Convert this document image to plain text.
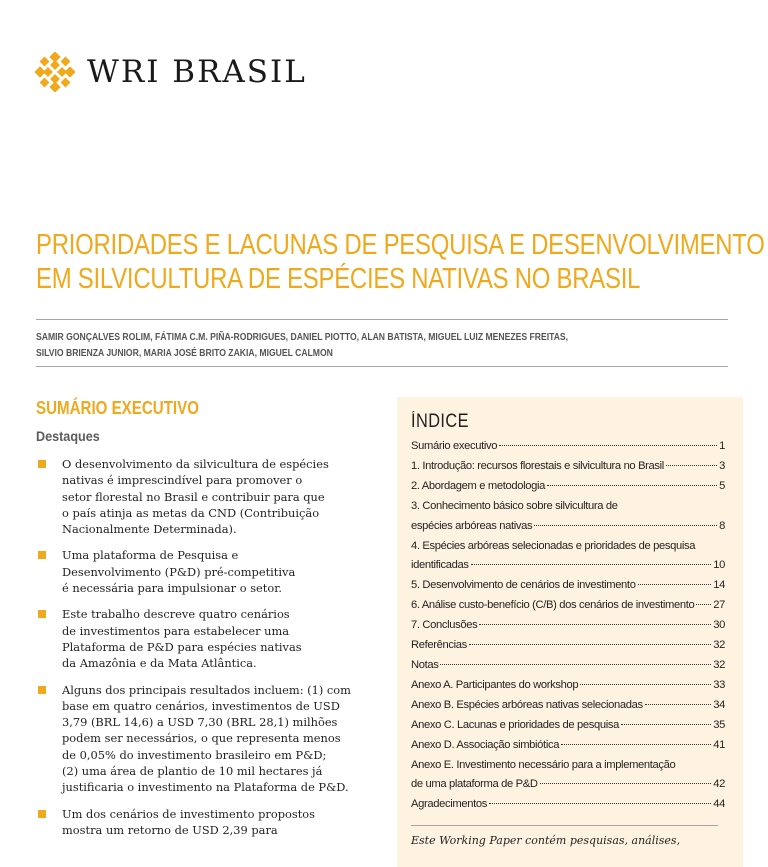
WRI BRASIL
PRIORIDADES E LACUNAS DE PESQUISA E DESENVOLVIMENTO
EM SILVICULTURA DE ESPÉCIES NATIVAS NO BRASIL
SAMIR GONÇALVES ROLIM, FÁTIMA C.M. PIÑA-RODRIGUES, DANIEL PIOTTO, ALAN BATISTA, MIGUEL LUIZ MENEZES FREITAS,
SILVIO BRIENZA JUNIOR, MARIA JOSÉ BRITO ZAKIA, MIGUEL CALMON
SUMÁRIO EXECUTIVO
Destaques
O desenvolvimento da silvicultura de espécies
nativas é imprescindível para promover o
setor florestal no Brasil e contribuir para que
o país atinja as metas da CND (Contribuição
Nacionalmente Determinada).
Uma plataforma de Pesquisa e
Desenvolvimento (P&D) pré-competitiva
é necessária para impulsionar o setor.
Este trabalho descreve quatro cenários
de investimentos para estabelecer uma
Plataforma de P&D para espécies nativas
da Amazônia e da Mata Atlântica.
Alguns dos principais resultados incluem: (1) com
base em quatro cenários, investimentos de USD
3,79 (BRL 14,6) a USD 7,30 (BRL 28,1) milhões
podem ser necessários, o que representa menos
de 0,05% do investimento brasileiro em P&D;
(2) uma área de plantio de 10 mil hectares já
justificaria o investimento na Plataforma de P&D.
Um dos cenários de investimento propostos
mostra um retorno de USD 2,39 para
ÍNDICE
Sumário executivo	1
1. Introdução: recursos florestais e silvicultura no Brasil	3
2. Abordagem e metodologia	5
3. Conhecimento básico sobre silvicultura de
espécies arbóreas nativas	8
4. Espécies arbóreas selecionadas e prioridades de pesquisa
identificadas	10
5. Desenvolvimento de cenários de investimento	14
6. Análise custo-benefício (C/B) dos cenários de investimento 27
7. Conclusões	30
Referências	32
Notas	32
Anexo A. Participantes do workshop	33
Anexo B. Espécies arbóreas nativas selecionadas	34
Anexo C. Lacunas e prioridades de pesquisa	35
Anexo D. Associação simbiótica	41
Anexo E. Investimento necessário para a implementação
de uma plataforma de P&D	42
Agradecimentos	44
Este Working Paper contém pesquisas, análises,
